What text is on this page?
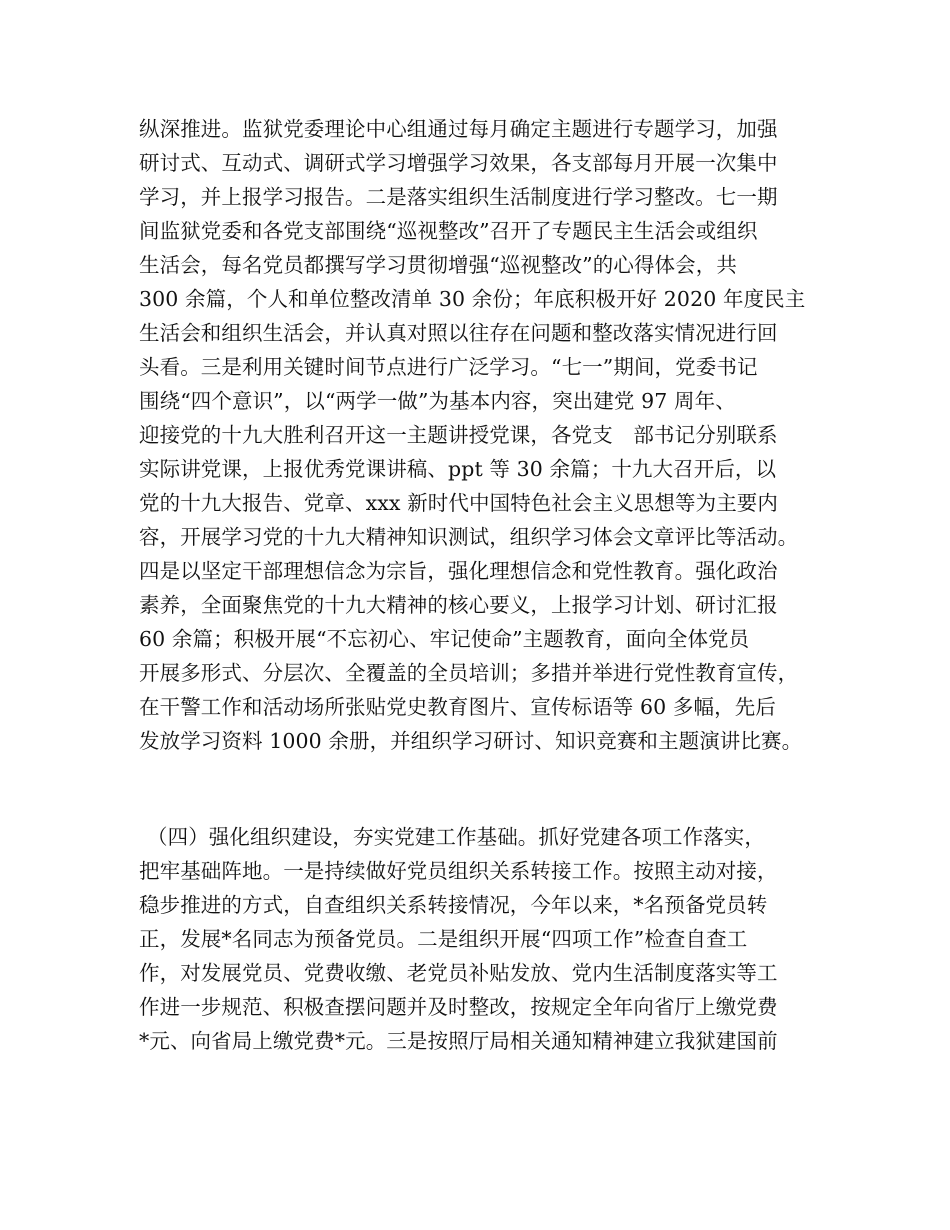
纵深推进。监狱党委理论中心组通过每月确定主题进行专题学习，加强
研讨式、互动式、调研式学习增强学习效果，各支部每月开展一次集中
学习，并上报学习报告。二是落实组织生活制度进行学习整改。七一期
间监狱党委和各党支部围绕“巡视整改”召开了专题民主生活会或组织
生活会，每名党员都撰写学习贯彻增强“巡视整改”的心得体会，共
300 余篇，个人和单位整改清单 30 余份；年底积极开好 2020 年度民主
生活会和组织生活会，并认真对照以往存在问题和整改落实情况进行回
头看。三是利用关键时间节点进行广泛学习。“七一”期间，党委书记
围绕“四个意识”，以“两学一做”为基本内容，突出建党 97 周年、
迎接党的十九大胜利召开这一主题讲授党课，各党支　部书记分别联系
实际讲党课，上报优秀党课讲稿、ppt 等 30 余篇；十九大召开后，以
党的十九大报告、党章、xxx 新时代中国特色社会主义思想等为主要内
容，开展学习党的十九大精神知识测试，组织学习体会文章评比等活动。
四是以坚定干部理想信念为宗旨，强化理想信念和党性教育。强化政治
素养，全面聚焦党的十九大精神的核心要义，上报学习计划、研讨汇报
60 余篇；积极开展“不忘初心、牢记使命”主题教育，面向全体党员
开展多形式、分层次、全覆盖的全员培训；多措并举进行党性教育宣传，
在干警工作和活动场所张贴党史教育图片、宣传标语等 60 多幅，先后
发放学习资料 1000 余册，并组织学习研讨、知识竞赛和主题演讲比赛。
（四）强化组织建设，夯实党建工作基础。抓好党建各项工作落实，
把牢基础阵地。一是持续做好党员组织关系转接工作。按照主动对接，
稳步推进的方式，自查组织关系转接情况，今年以来，*名预备党员转
正，发展*名同志为预备党员。二是组织开展“四项工作”检查自查工
作，对发展党员、党费收缴、老党员补贴发放、党内生活制度落实等工
作进一步规范、积极查摆问题并及时整改，按规定全年向省厅上缴党费
*元、向省局上缴党费*元。三是按照厅局相关通知精神建立我狱建国前
